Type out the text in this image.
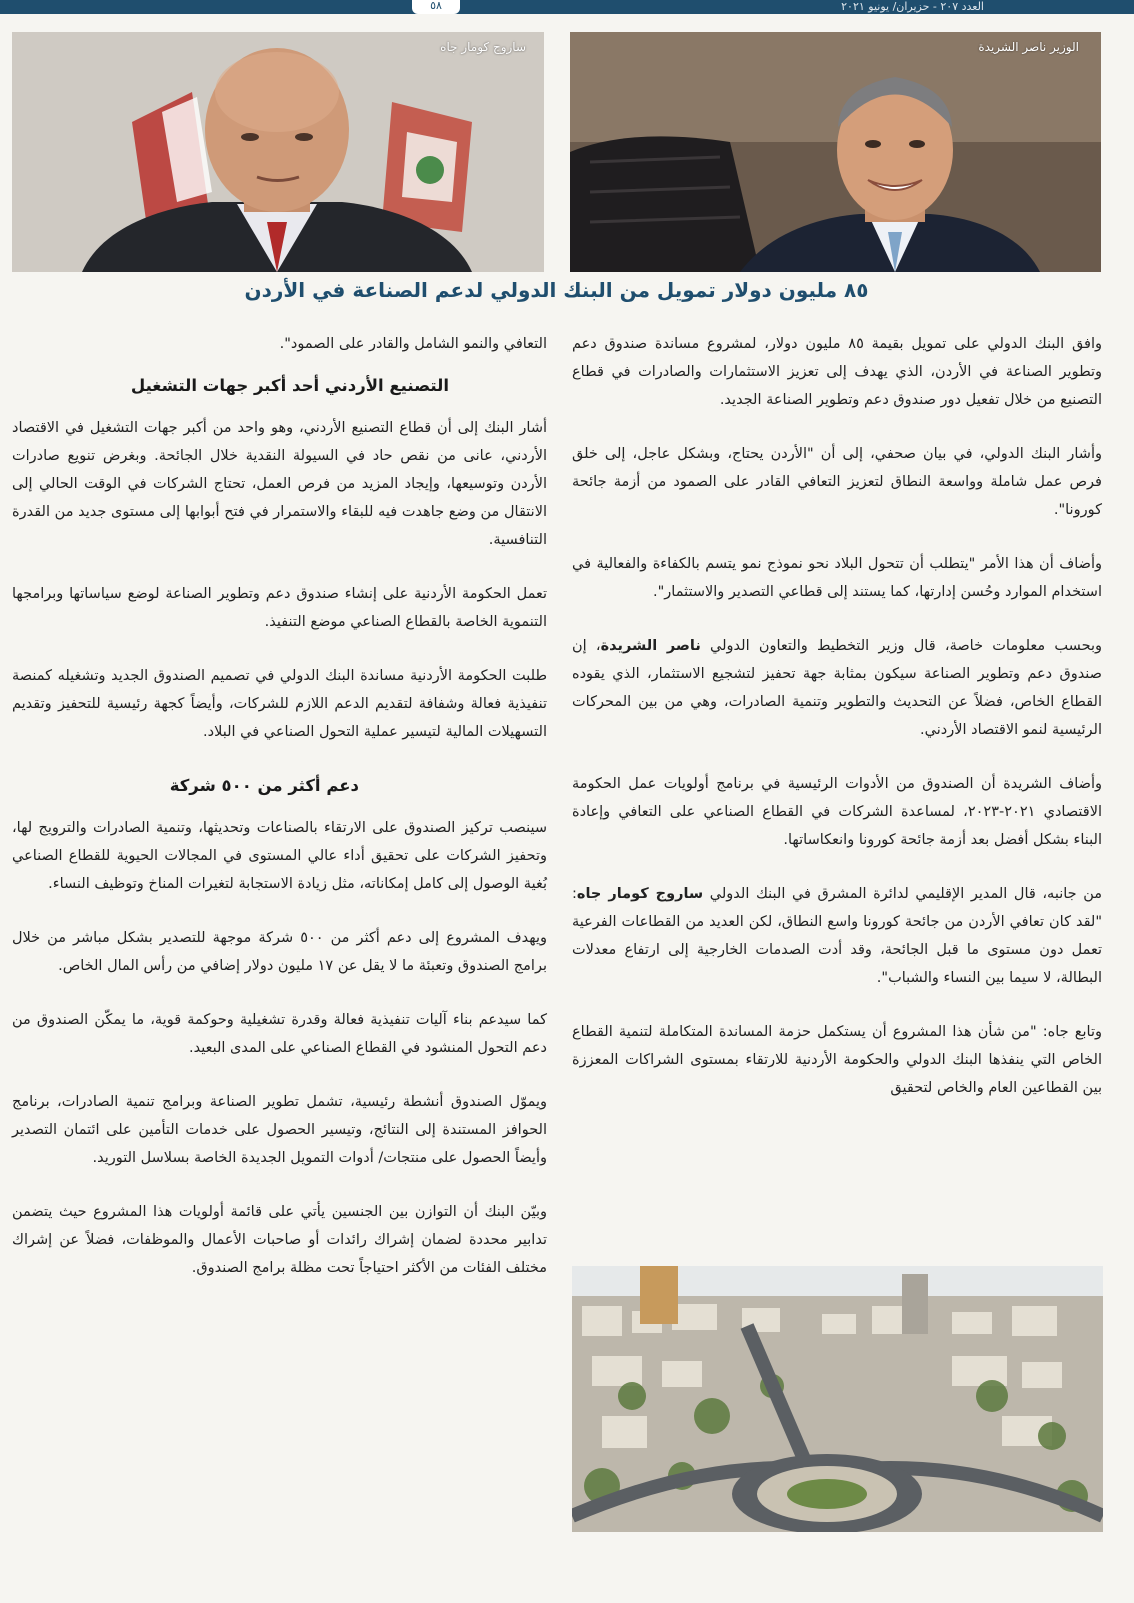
٥٨	العدد ٢٠٧ - حزيران/ يونيو ٢٠٢١
ساروج كومار جاه	الوزير ناصر الشريدة
٨٥ مليون دولار تمويل من البنك الدولي لدعم الصناعة في الأردن

وافق البنك الدولي على تمويل بقيمة ٨٥ مليون دولار، لمشروع مساندة صندوق دعم وتطوير الصناعة في الأردن، الذي يهدف إلى تعزيز الاستثمارات والصادرات في قطاع التصنيع من خلال تفعيل دور صندوق دعم وتطوير الصناعة الجديد.

وأشار البنك الدولي، في بيان صحفي، إلى أن "الأردن يحتاج، وبشكل عاجل، إلى خلق فرص عمل شاملة وواسعة النطاق لتعزيز التعافي القادر على الصمود من أزمة جائحة كورونا".

وأضاف أن هذا الأمر "يتطلب أن تتحول البلاد نحو نموذج نمو يتسم بالكفاءة والفعالية في استخدام الموارد وحُسن إدارتها، كما يستند إلى قطاعي التصدير والاستثمار".

وبحسب معلومات خاصة، قال وزير التخطيط والتعاون الدولي ناصر الشريدة، إن صندوق دعم وتطوير الصناعة سيكون بمثابة جهة تحفيز لتشجيع الاستثمار، الذي يقوده القطاع الخاص، فضلاً عن التحديث والتطوير وتنمية الصادرات، وهي من بين المحركات الرئيسية لنمو الاقتصاد الأردني.

وأضاف الشريدة أن الصندوق من الأدوات الرئيسية في برنامج أولويات عمل الحكومة الاقتصادي ٢٠٢١-٢٠٢٣، لمساعدة الشركات في القطاع الصناعي على التعافي وإعادة البناء بشكل أفضل بعد أزمة جائحة كورونا وانعكاساتها.

من جانبه، قال المدير الإقليمي لدائرة المشرق في البنك الدولي ساروج كومار جاه: "لقد كان تعافي الأردن من جائحة كورونا واسع النطاق، لكن العديد من القطاعات الفرعية تعمل دون مستوى ما قبل الجائحة، وقد أدت الصدمات الخارجية إلى ارتفاع معدلات البطالة، لا سيما بين النساء والشباب".

وتابع جاه: "من شأن هذا المشروع أن يستكمل حزمة المساندة المتكاملة لتنمية القطاع الخاص التي ينفذها البنك الدولي والحكومة الأردنية للارتقاء بمستوى الشراكات المعززة بين القطاعين العام والخاص لتحقيق

التعافي والنمو الشامل والقادر على الصمود".

التصنيع الأردني أحد أكبر جهات التشغيل

أشار البنك إلى أن قطاع التصنيع الأردني، وهو واحد من أكبر جهات التشغيل في الاقتصاد الأردني، عانى من نقص حاد في السيولة النقدية خلال الجائحة. وبغرض تنويع صادرات الأردن وتوسيعها، وإيجاد المزيد من فرص العمل، تحتاج الشركات في الوقت الحالي إلى الانتقال من وضع جاهدت فيه للبقاء والاستمرار في فتح أبوابها إلى مستوى جديد من القدرة التنافسية.

تعمل الحكومة الأردنية على إنشاء صندوق دعم وتطوير الصناعة لوضع سياساتها وبرامجها التنموية الخاصة بالقطاع الصناعي موضع التنفيذ.

طلبت الحكومة الأردنية مساندة البنك الدولي في تصميم الصندوق الجديد وتشغيله كمنصة تنفيذية فعالة وشفافة لتقديم الدعم اللازم للشركات، وأيضاً كجهة رئيسية للتحفيز وتقديم التسهيلات المالية لتيسير عملية التحول الصناعي في البلاد.

دعم أكثر من ٥٠٠ شركة

سينصب تركيز الصندوق على الارتقاء بالصناعات وتحديثها، وتنمية الصادرات والترويج لها، وتحفيز الشركات على تحقيق أداء عالي المستوى في المجالات الحيوية للقطاع الصناعي بُغية الوصول إلى كامل إمكاناته، مثل زيادة الاستجابة لتغيرات المناخ وتوظيف النساء.

ويهدف المشروع إلى دعم أكثر من ٥٠٠ شركة موجهة للتصدير بشكل مباشر من خلال برامج الصندوق وتعبئة ما لا يقل عن ١٧ مليون دولار إضافي من رأس المال الخاص.

كما سيدعم بناء آليات تنفيذية فعالة وقدرة تشغيلية وحوكمة قوية، ما يمكّن الصندوق من دعم التحول المنشود في القطاع الصناعي على المدى البعيد.

ويموّل الصندوق أنشطة رئيسية، تشمل تطوير الصناعة وبرامج تنمية الصادرات، برنامج الحوافز المستندة إلى النتائج، وتيسير الحصول على خدمات التأمين على ائتمان التصدير وأيضاً الحصول على منتجات/ أدوات التمويل الجديدة الخاصة بسلاسل التوريد.

وبيّن البنك أن التوازن بين الجنسين يأتي على قائمة أولويات هذا المشروع حيث يتضمن تدابير محددة لضمان إشراك رائدات أو صاحبات الأعمال والموظفات، فضلاً عن إشراك مختلف الفئات من الأكثر احتياجاً تحت مظلة برامج الصندوق.
